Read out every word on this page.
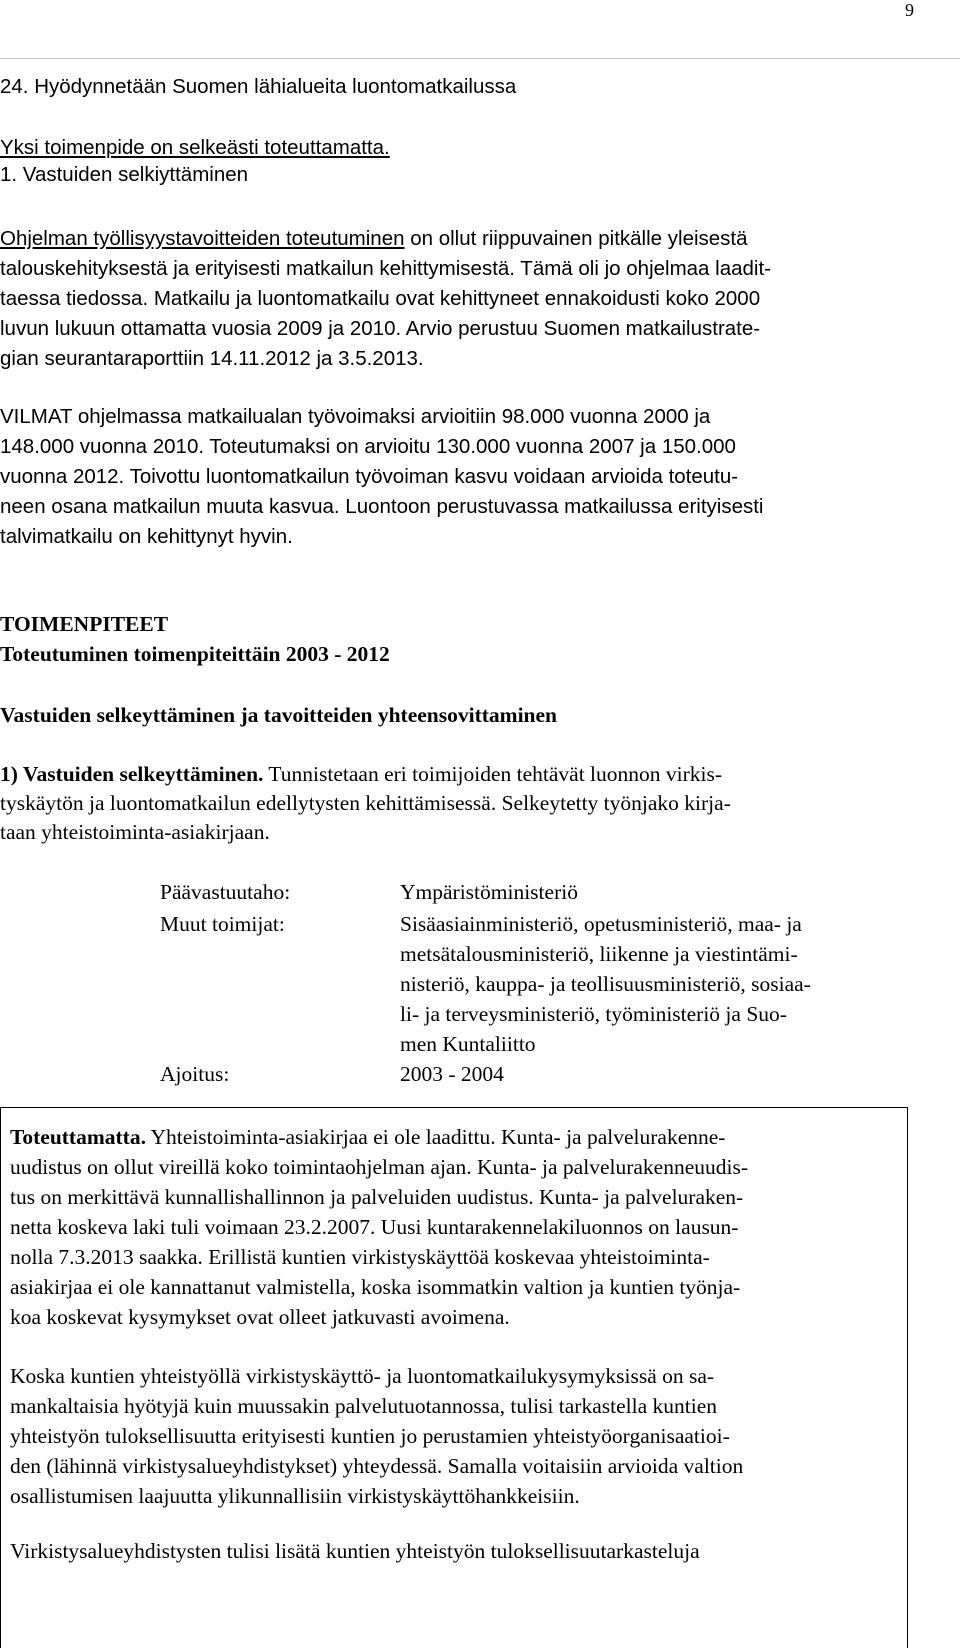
9
24. Hyödynnetään Suomen lähialueita luontomatkailussa
Yksi toimenpide on selkeästi toteuttamatta.
1. Vastuiden selkiyttäminen
Ohjelman työllisyystavoitteiden toteutuminen on ollut riippuvainen pitkälle yleisestä
talouskehityksestä ja erityisesti matkailun kehittymisestä. Tämä oli jo ohjelmaa laadit-
taessa tiedossa. Matkailu ja luontomatkailu ovat kehittyneet ennakoidusti koko 2000
luvun lukuun ottamatta vuosia 2009 ja 2010. Arvio perustuu Suomen matkailustrate-
gian seurantaraporttiin 14.11.2012 ja 3.5.2013.
VILMAT ohjelmassa matkailualan työvoimaksi arvioitiin 98.000 vuonna 2000 ja
148.000 vuonna 2010. Toteutumaksi on arvioitu 130.000 vuonna 2007 ja 150.000
vuonna 2012. Toivottu luontomatkailun työvoiman kasvu voidaan arvioida toteutu-
neen osana matkailun muuta kasvua. Luontoon perustuvassa matkailussa erityisesti
talvimatkailu on kehittynyt hyvin.
TOIMENPITEET
Toteutuminen toimenpiteittäin 2003 - 2012
Vastuiden selkeyttäminen ja tavoitteiden yhteensovittaminen
1) Vastuiden selkeyttäminen. Tunnistetaan eri toimijoiden tehtävät luonnon virkis-
tyskäytön ja luontomatkailun edellytysten kehittämisessä. Selkeytetty työnjako kirja-
taan yhteistoiminta-asiakirjaan.
Päävastuutaho:	Ympäristöministeriö
Muut toimijat:	Sisäasiainministeriö, opetusministeriö, maa- ja
metsätalousministeriö, liikenne ja viestintämi-
nisteriö, kauppa- ja teollisuusministeriö, sosiaa-
li- ja terveysministeriö, työministeriö ja Suo-
men Kuntaliitto
Ajoitus:	2003 - 2004
Toteuttamatta. Yhteistoiminta-asiakirjaa ei ole laadittu. Kunta- ja palvelurakenne-
uudistus on ollut vireillä koko toimintaohjelman ajan. Kunta- ja palvelurakenneuudis-
tus on merkittävä kunnallishallinnon ja palveluiden uudistus. Kunta- ja palveluraken-
netta koskeva laki tuli voimaan 23.2.2007. Uusi kuntarakennelakiluonnos on lausun-
nolla 7.3.2013 saakka. Erillistä kuntien virkistyskäyttöä koskevaa yhteistoiminta-
asiakirjaa ei ole kannattanut valmistella, koska isommatkin valtion ja kuntien työnja-
koa koskevat kysymykset ovat olleet jatkuvasti avoimena.
Koska kuntien yhteistyöllä virkistyskäyttö- ja luontomatkailukysymyksissä on sa-
mankaltaisia hyötyjä kuin muussakin palvelutuotannossa, tulisi tarkastella kuntien
yhteistyön tuloksellisuutta erityisesti kuntien jo perustamien yhteistyöorganisaatioi-
den (lähinnä virkistysalueyhdistykset) yhteydessä. Samalla voitaisiin arvioida valtion
osallistumisen laajuutta ylikunnallisiin virkistyskäyttöhankkeisiin.
Virkistysalueyhdistysten tulisi lisätä kuntien yhteistyön tuloksellisuutarkasteluja
